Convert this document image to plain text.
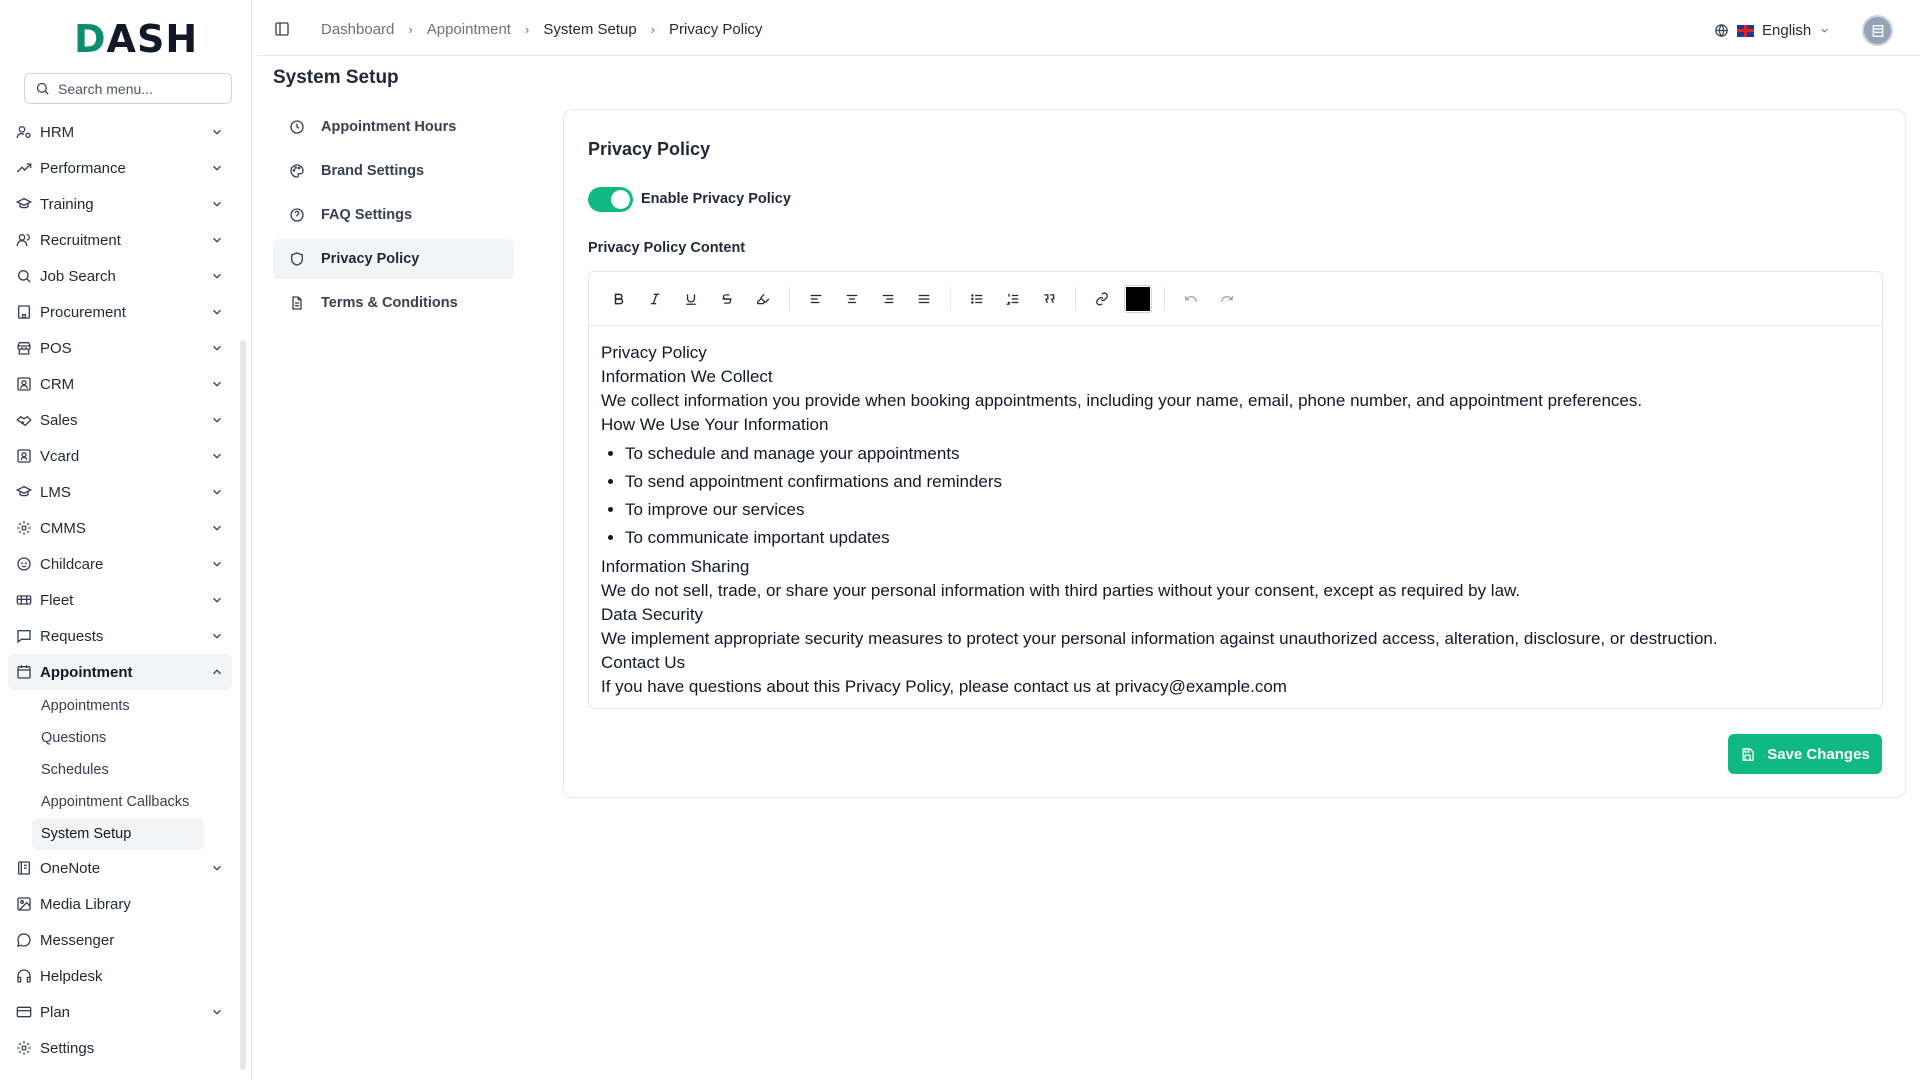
D ASH
Search menu...
HRM
Performance
Training
Recruitment
Job Search
Procurement
POS
CRM
Sales
Vcard
LMS
CMMS
Childcare
Fleet
Requests
Appointment
Appointments
Questions
Schedules
Appointment Callbacks
System Setup
OneNote
Media Library
Messenger
Helpdesk
Plan
Settings
Dashboard › Appointment › System Setup › Privacy Policy	English
System Setup
Appointment Hours
Brand Settings
FAQ Settings
Privacy Policy
Terms & Conditions
Privacy Policy
Enable Privacy Policy
Privacy Policy Content
Privacy Policy
Information We Collect
We collect information you provide when booking appointments, including your name, email, phone number, and appointment preferences.
How We Use Your Information
• To schedule and manage your appointments
• To send appointment confirmations and reminders
• To improve our services
• To communicate important updates
Information Sharing
We do not sell, trade, or share your personal information with third parties without your consent, except as required by law.
Data Security
We implement appropriate security measures to protect your personal information against unauthorized access, alteration, disclosure, or destruction.
Contact Us
If you have questions about this Privacy Policy, please contact us at privacy@example.com
Save Changes
